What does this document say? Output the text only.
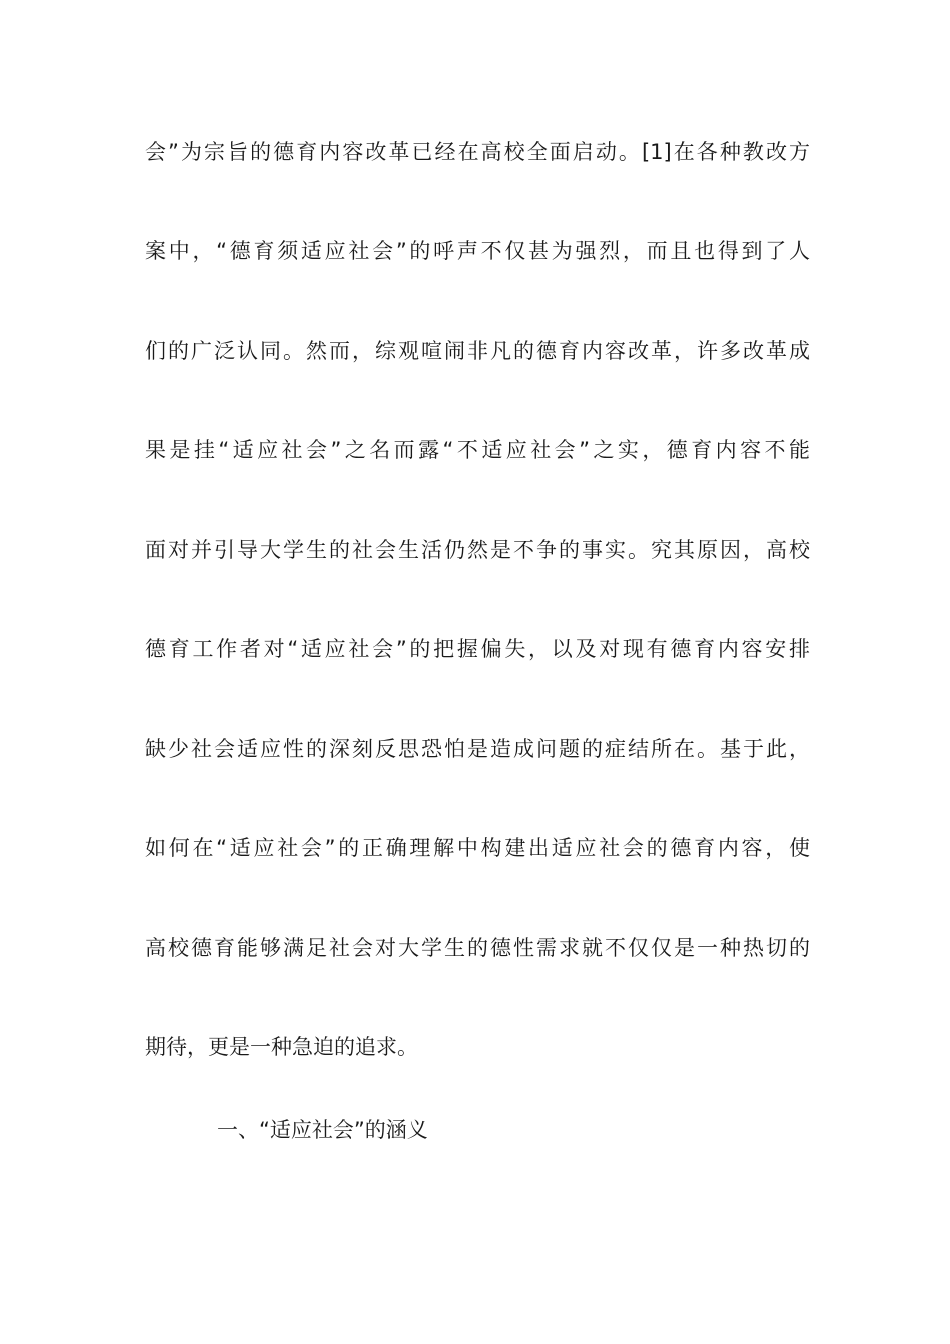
会”为宗旨的德育内容改革已经在高校全面启动。[1]在各种教改方
案中，“德育须适应社会”的呼声不仅甚为强烈，而且也得到了人
们的广泛认同。然而，综观喧闹非凡的德育内容改革，许多改革成
果是挂“适应社会”之名而露“不适应社会”之实，德育内容不能
面对并引导大学生的社会生活仍然是不争的事实。究其原因，高校
德育工作者对“适应社会”的把握偏失，以及对现有德育内容安排
缺少社会适应性的深刻反思恐怕是造成问题的症结所在。基于此，
如何在“适应社会”的正确理解中构建出适应社会的德育内容，使
高校德育能够满足社会对大学生的德性需求就不仅仅是一种热切的
期待，更是一种急迫的追求。
一、“适应社会”的涵义
